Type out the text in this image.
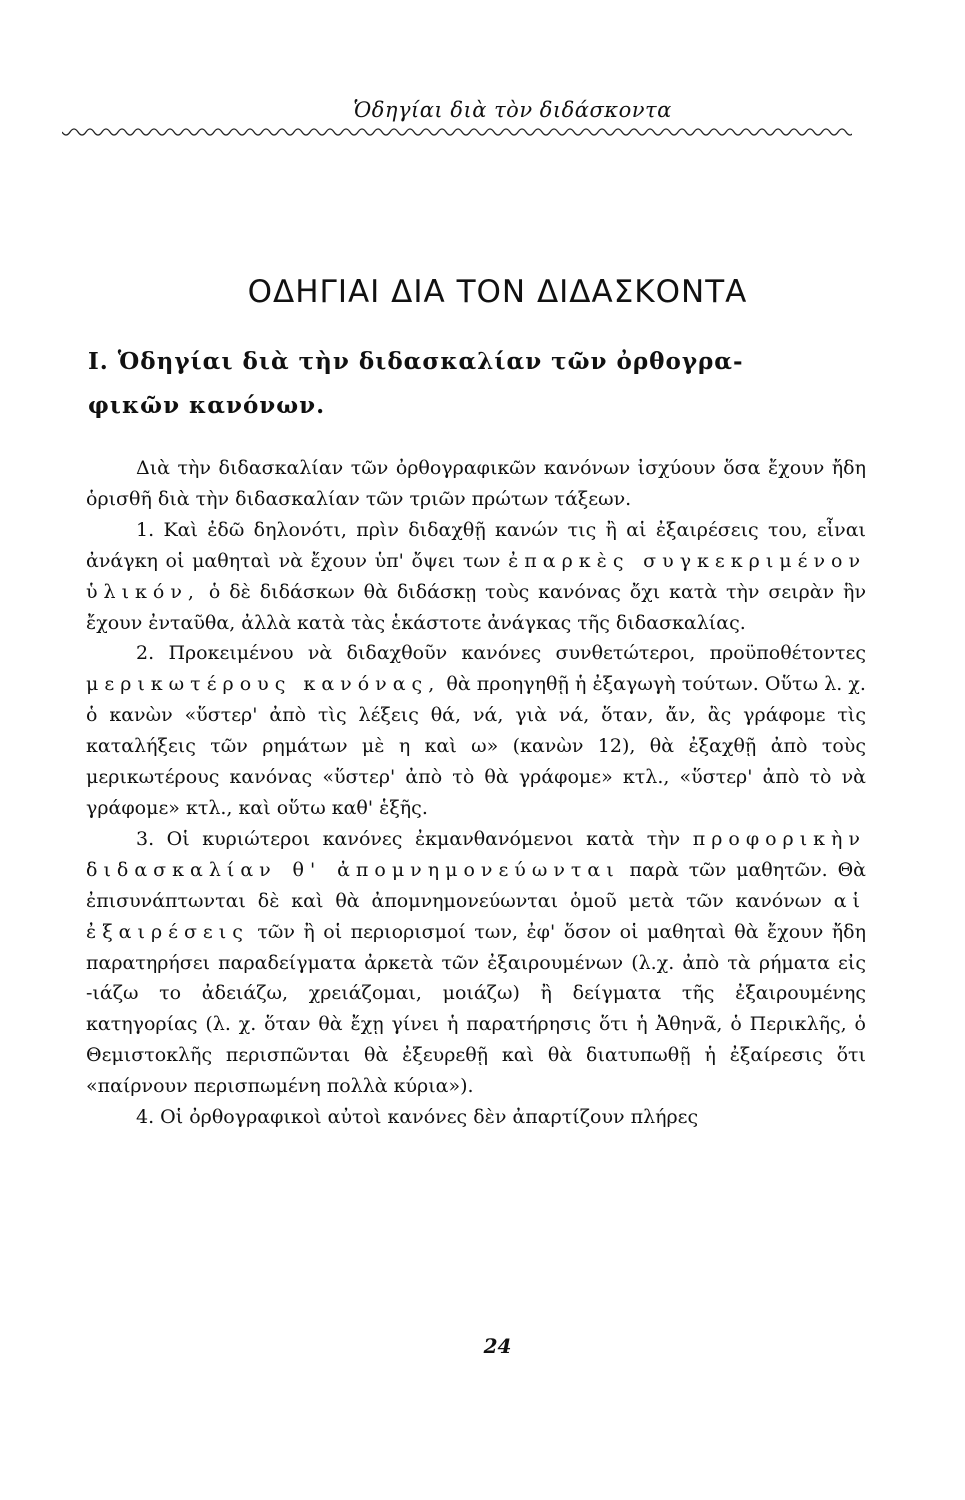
Ὁδηγίαι διὰ τὸν διδάσκοντα
ΟΔΗΓΙΑΙ ΔΙΑ ΤΟΝ ΔΙΔΑΣΚΟΝΤΑ
Ι. Ὁδηγίαι διὰ τὴν διδασκαλίαν τῶν ὀρθογρα-
φικῶν κανόνων.

Διὰ τὴν διδασκαλίαν τῶν ὀρθογραφικῶν κανόνων ἰσχύουν ὅσα ἔχουν ἤδη ὁρισθῆ διὰ τὴν διδασκαλίαν τῶν τριῶν πρώτων τάξεων.

1. Καὶ ἐδῶ δηλονότι, πρὶν διδαχθῇ κανών τις ἢ αἱ ἐξαιρέσεις του, εἶναι ἀνάγκη οἱ μαθηταὶ νὰ ἔχουν ὑπ' ὄψει των ἐπαρκὲς συγκεκριμένον ὑλικόν, ὁ δὲ διδάσκων θὰ διδάσκῃ τοὺς κανόνας ὄχι κατὰ τὴν σειρὰν ἣν ἔχουν ἐνταῦθα, ἀλλὰ κατὰ τὰς ἑκάστοτε ἀνάγκας τῆς διδασκαλίας.

2. Προκειμένου νὰ διδαχθοῦν κανόνες συνθετώτεροι, προϋποθέτοντες μερικωτέρους κανόνας, θὰ προηγηθῇ ἡ ἐξαγωγὴ τούτων. Οὕτω λ. χ. ὁ κανὼν «ὕστερ' ἀπὸ τὶς λέξεις θά, νά, γιὰ νά, ὅταν, ἄν, ἂς γράφομε τὶς καταλήξεις τῶν ρημάτων μὲ η καὶ ω» (κανὼν 12), θὰ ἐξαχθῇ ἀπὸ τοὺς μερικωτέρους κανόνας «ὕστερ' ἀπὸ τὸ θὰ γράφομε» κτλ., «ὕστερ' ἀπὸ τὸ νὰ γράφομε» κτλ., καὶ οὕτω καθ' ἑξῆς.

3. Οἱ κυριώτεροι κανόνες ἐκμανθανόμενοι κατὰ τὴν προφορικὴν διδασκαλίαν θ' ἀπομνημονεύωνται παρὰ τῶν μαθητῶν. Θὰ ἐπισυνάπτωνται δὲ καὶ θὰ ἀπομνημονεύωνται ὁμοῦ μετὰ τῶν κανόνων αἱ ἐξαιρέσεις τῶν ἢ οἱ περιορισμοί των, ἐφ' ὅσον οἱ μαθηταὶ θὰ ἔχουν ἤδη παρατηρήσει παραδείγματα ἀρκετὰ τῶν ἐξαιρουμένων (λ.χ. ἀπὸ τὰ ρήματα εἰς ‑ιάζω το ἀδειάζω, χρειάζομαι, μοιάζω) ἢ δείγματα τῆς ἐξαιρουμένης κατηγορίας (λ. χ. ὅταν θὰ ἔχῃ γίνει ἡ παρατήρησις ὅτι ἡ Ἀθηνᾶ, ὁ Περικλῆς, ὁ Θεμιστοκλῆς περισπῶνται θὰ ἐξευρεθῇ καὶ θὰ διατυπωθῇ ἡ ἐξαίρεσις ὅτι «παίρνουν περισπωμένη πολλὰ κύρια»).

4. Οἱ ὀρθογραφικοὶ αὐτοὶ κανόνες δὲν ἀπαρτίζουν πλήρες

24
